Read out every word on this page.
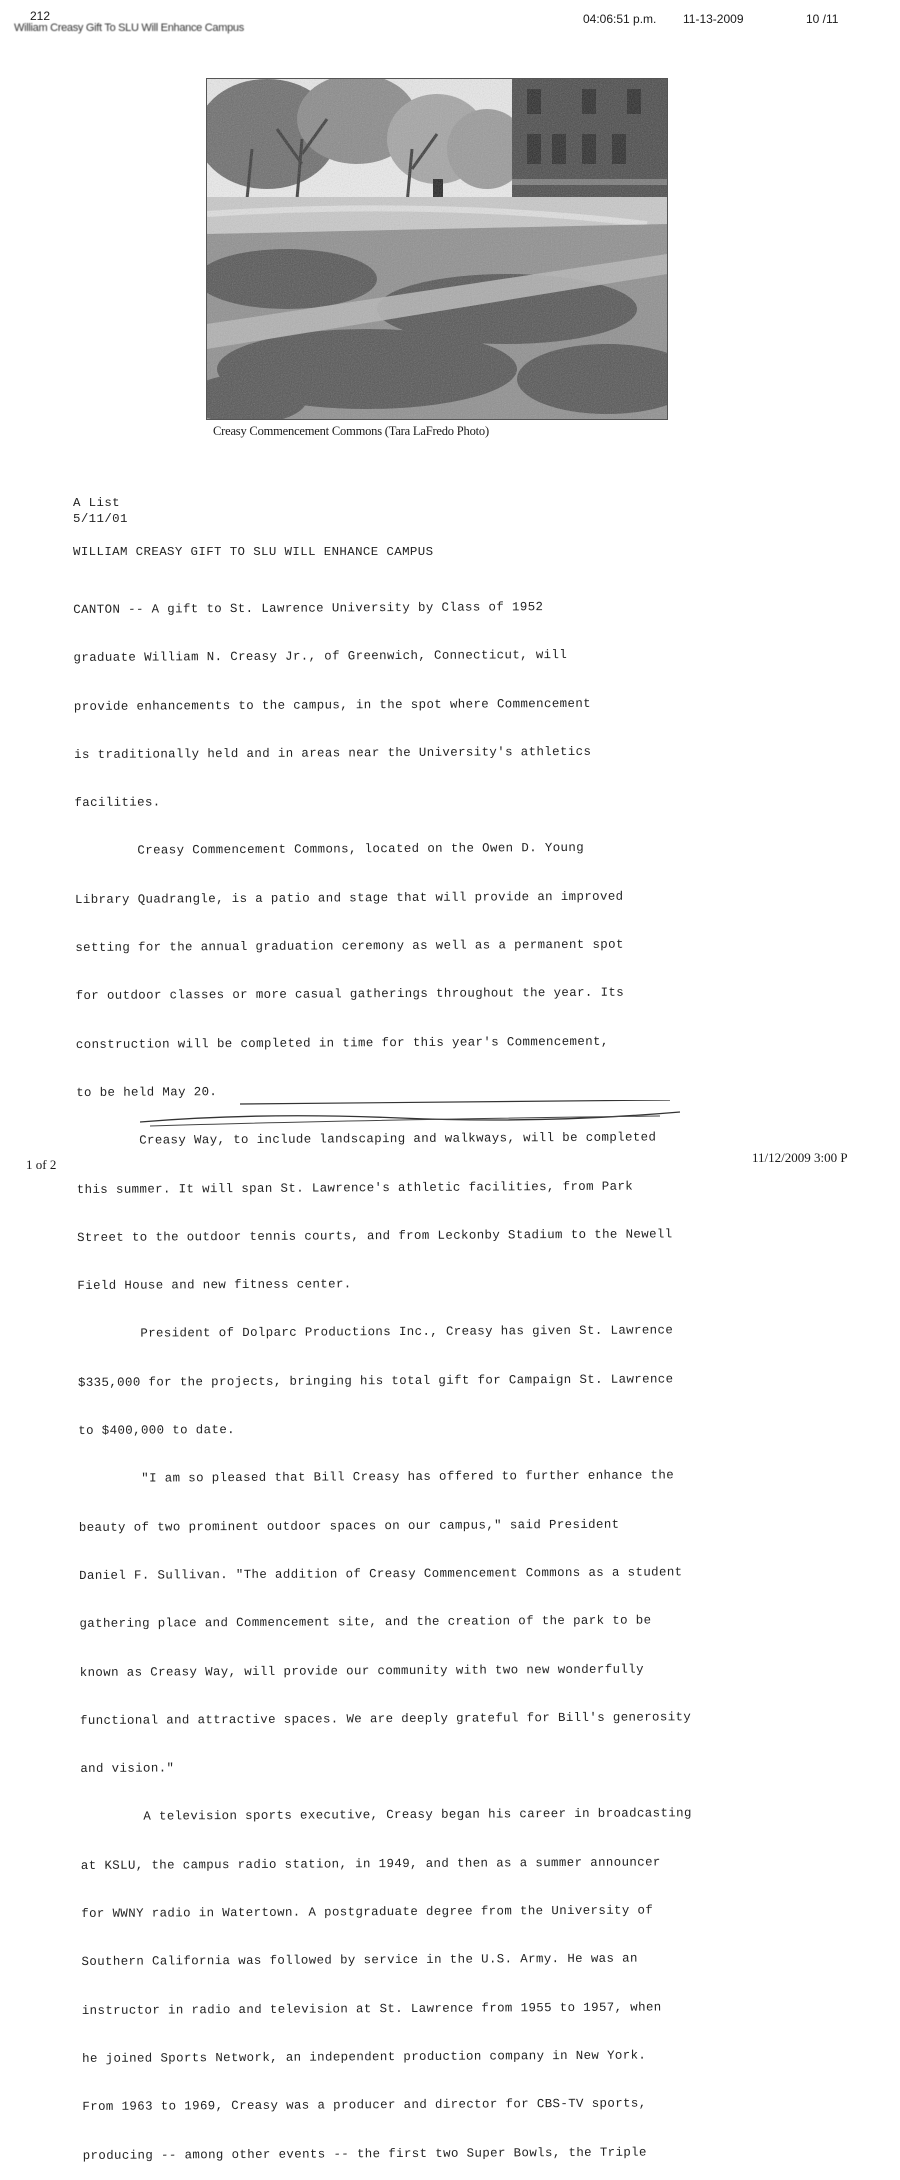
212
William Creasy Gift To SLU Will Enhance Campus
04:06:51 p.m. 11-13-2009	10 /11
Creasy Commencement Commons (Tara LaFredo Photo)
A List
5/11/01
WILLIAM CREASY GIFT TO SLU WILL ENHANCE CAMPUS

CANTON -- A gift to St. Lawrence University by Class of 1952

graduate William N. Creasy Jr., of Greenwich, Connecticut, will

provide enhancements to the campus, in the spot where Commencement

is traditionally held and in areas near the University's athletics

facilities.

Creasy Commencement Commons, located on the Owen D. Young

Library Quadrangle, is a patio and stage that will provide an improved

setting for the annual graduation ceremony as well as a permanent spot

for outdoor classes or more casual gatherings throughout the year. Its

construction will be completed in time for this year's Commencement,

to be held May 20.

Creasy Way, to include landscaping and walkways, will be completed

this summer. It will span St. Lawrence's athletic facilities, from Park

Street to the outdoor tennis courts, and from Leckonby Stadium to the Newell

Field House and new fitness center.

President of Dolparc Productions Inc., Creasy has given St. Lawrence

$335,000 for the projects, bringing his total gift for Campaign St. Lawrence

to $400,000 to date.

"I am so pleased that Bill Creasy has offered to further enhance the

beauty of two prominent outdoor spaces on our campus," said President

Daniel F. Sullivan. "The addition of Creasy Commencement Commons as a student

gathering place and Commencement site, and the creation of the park to be

known as Creasy Way, will provide our community with two new wonderfully

functional and attractive spaces. We are deeply grateful for Bill's generosity

and vision."

A television sports executive, Creasy began his career in broadcasting

at KSLU, the campus radio station, in 1949, and then as a summer announcer

for WWNY radio in Watertown. A postgraduate degree from the University of

Southern California was followed by service in the U.S. Army. He was an

instructor in radio and television at St. Lawrence from 1955 to 1957, when

he joined Sports Network, an independent production company in New York.

From 1963 to 1969, Creasy was a producer and director for CBS-TV sports,

producing -- among other events -- the first two Super Bowls, the Triple

1 of 2	11/12/2009 3:00 P
